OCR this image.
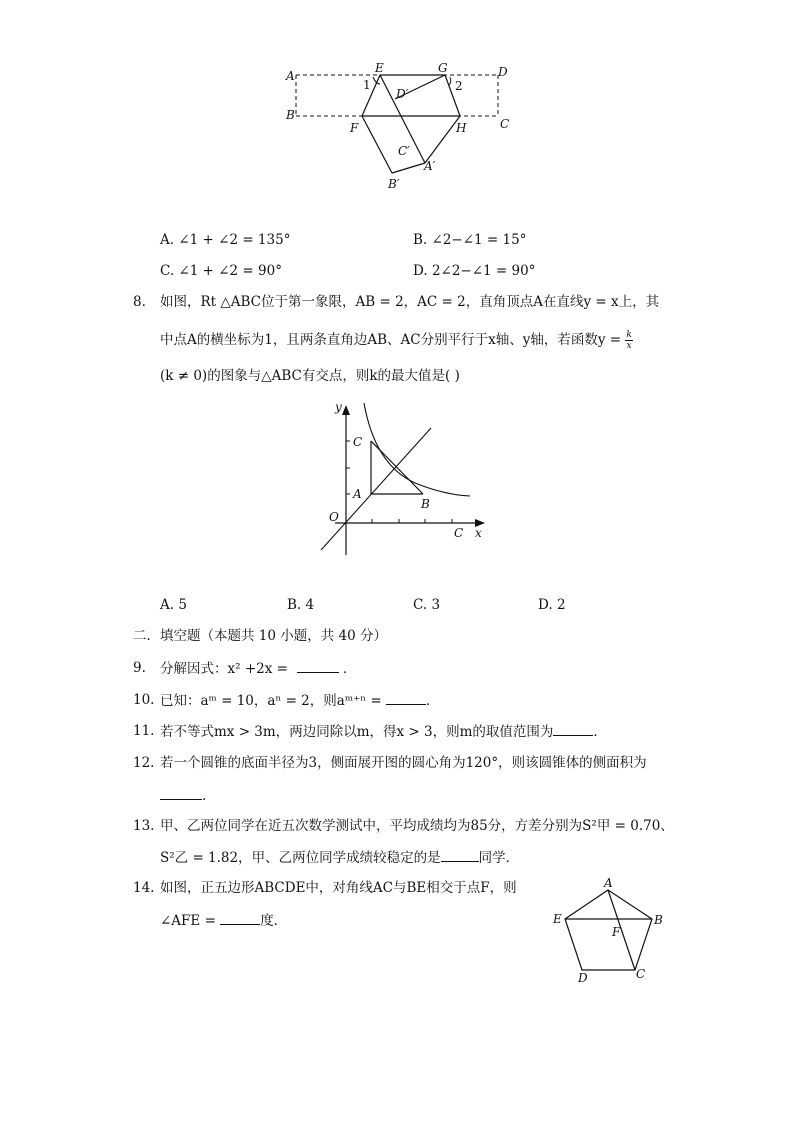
A
B
E	G	D
C
1	2
D′
F	H
C′
A′
B′
A. ∠1 + ∠2 = 135°	B. ∠2−∠1 = 15°
C. ∠1 + ∠2 = 90°	D. 2∠2−∠1 = 90°
8. 如图，Rt △ABC位于第一象限，AB = 2，AC = 2，直角顶点A在直线y = x上，其
中点A的横坐标为1，且两条直角边AB、AC分别平行于x轴、y轴，若函数$y = \frac{k}{x}$
(k ≠ 0)的图象与△ABC有交点，则k的最大值是( )
y
C
A
B
O
C x
A. 5	B. 4	C. 3	D. 2
二．填空题（本题共 10 小题，共 40 分）
9. 分解因式：x² +2x =	．
10. 已知：aᵐ = 10，aⁿ = 2，则aᵐ⁺ⁿ =	．
11. 若不等式mx > 3m，两边同除以m，得x > 3，则m的取值范围为	．
12. 若一个圆锥的底面半径为3，侧面展开图的圆心角为120°，则该圆锥体的侧面积为
．
13. 甲、乙两位同学在近五次数学测试中，平均成绩均为85分，方差分别为S²甲 = 0.70、
S²乙 = 1.82，甲、乙两位同学成绩较稳定的是	同学．
14. 如图，正五边形ABCDE中，对角线AC与BE相交于点F，则
∠AFE =	度．
A
E	B
F
D	C
